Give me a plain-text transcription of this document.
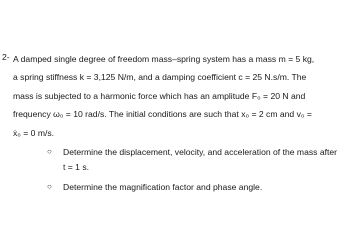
2- A damped single degree of freedom mass–spring system has a mass m = 5 kg,
a spring stiffness k = 3,125 N/m, and a damping coefficient c = 25 N.s/m. The
mass is subjected to a harmonic force which has an amplitude F₀ = 20 N and
frequency ω₀ = 10 rad/s. The initial conditions are such that x₀ = 2 cm and v₀ =
ẋ₀ = 0 m/s.
○ Determine the displacement, velocity, and acceleration of the mass after
t = 1 s.
○ Determine the magnification factor and phase angle.
